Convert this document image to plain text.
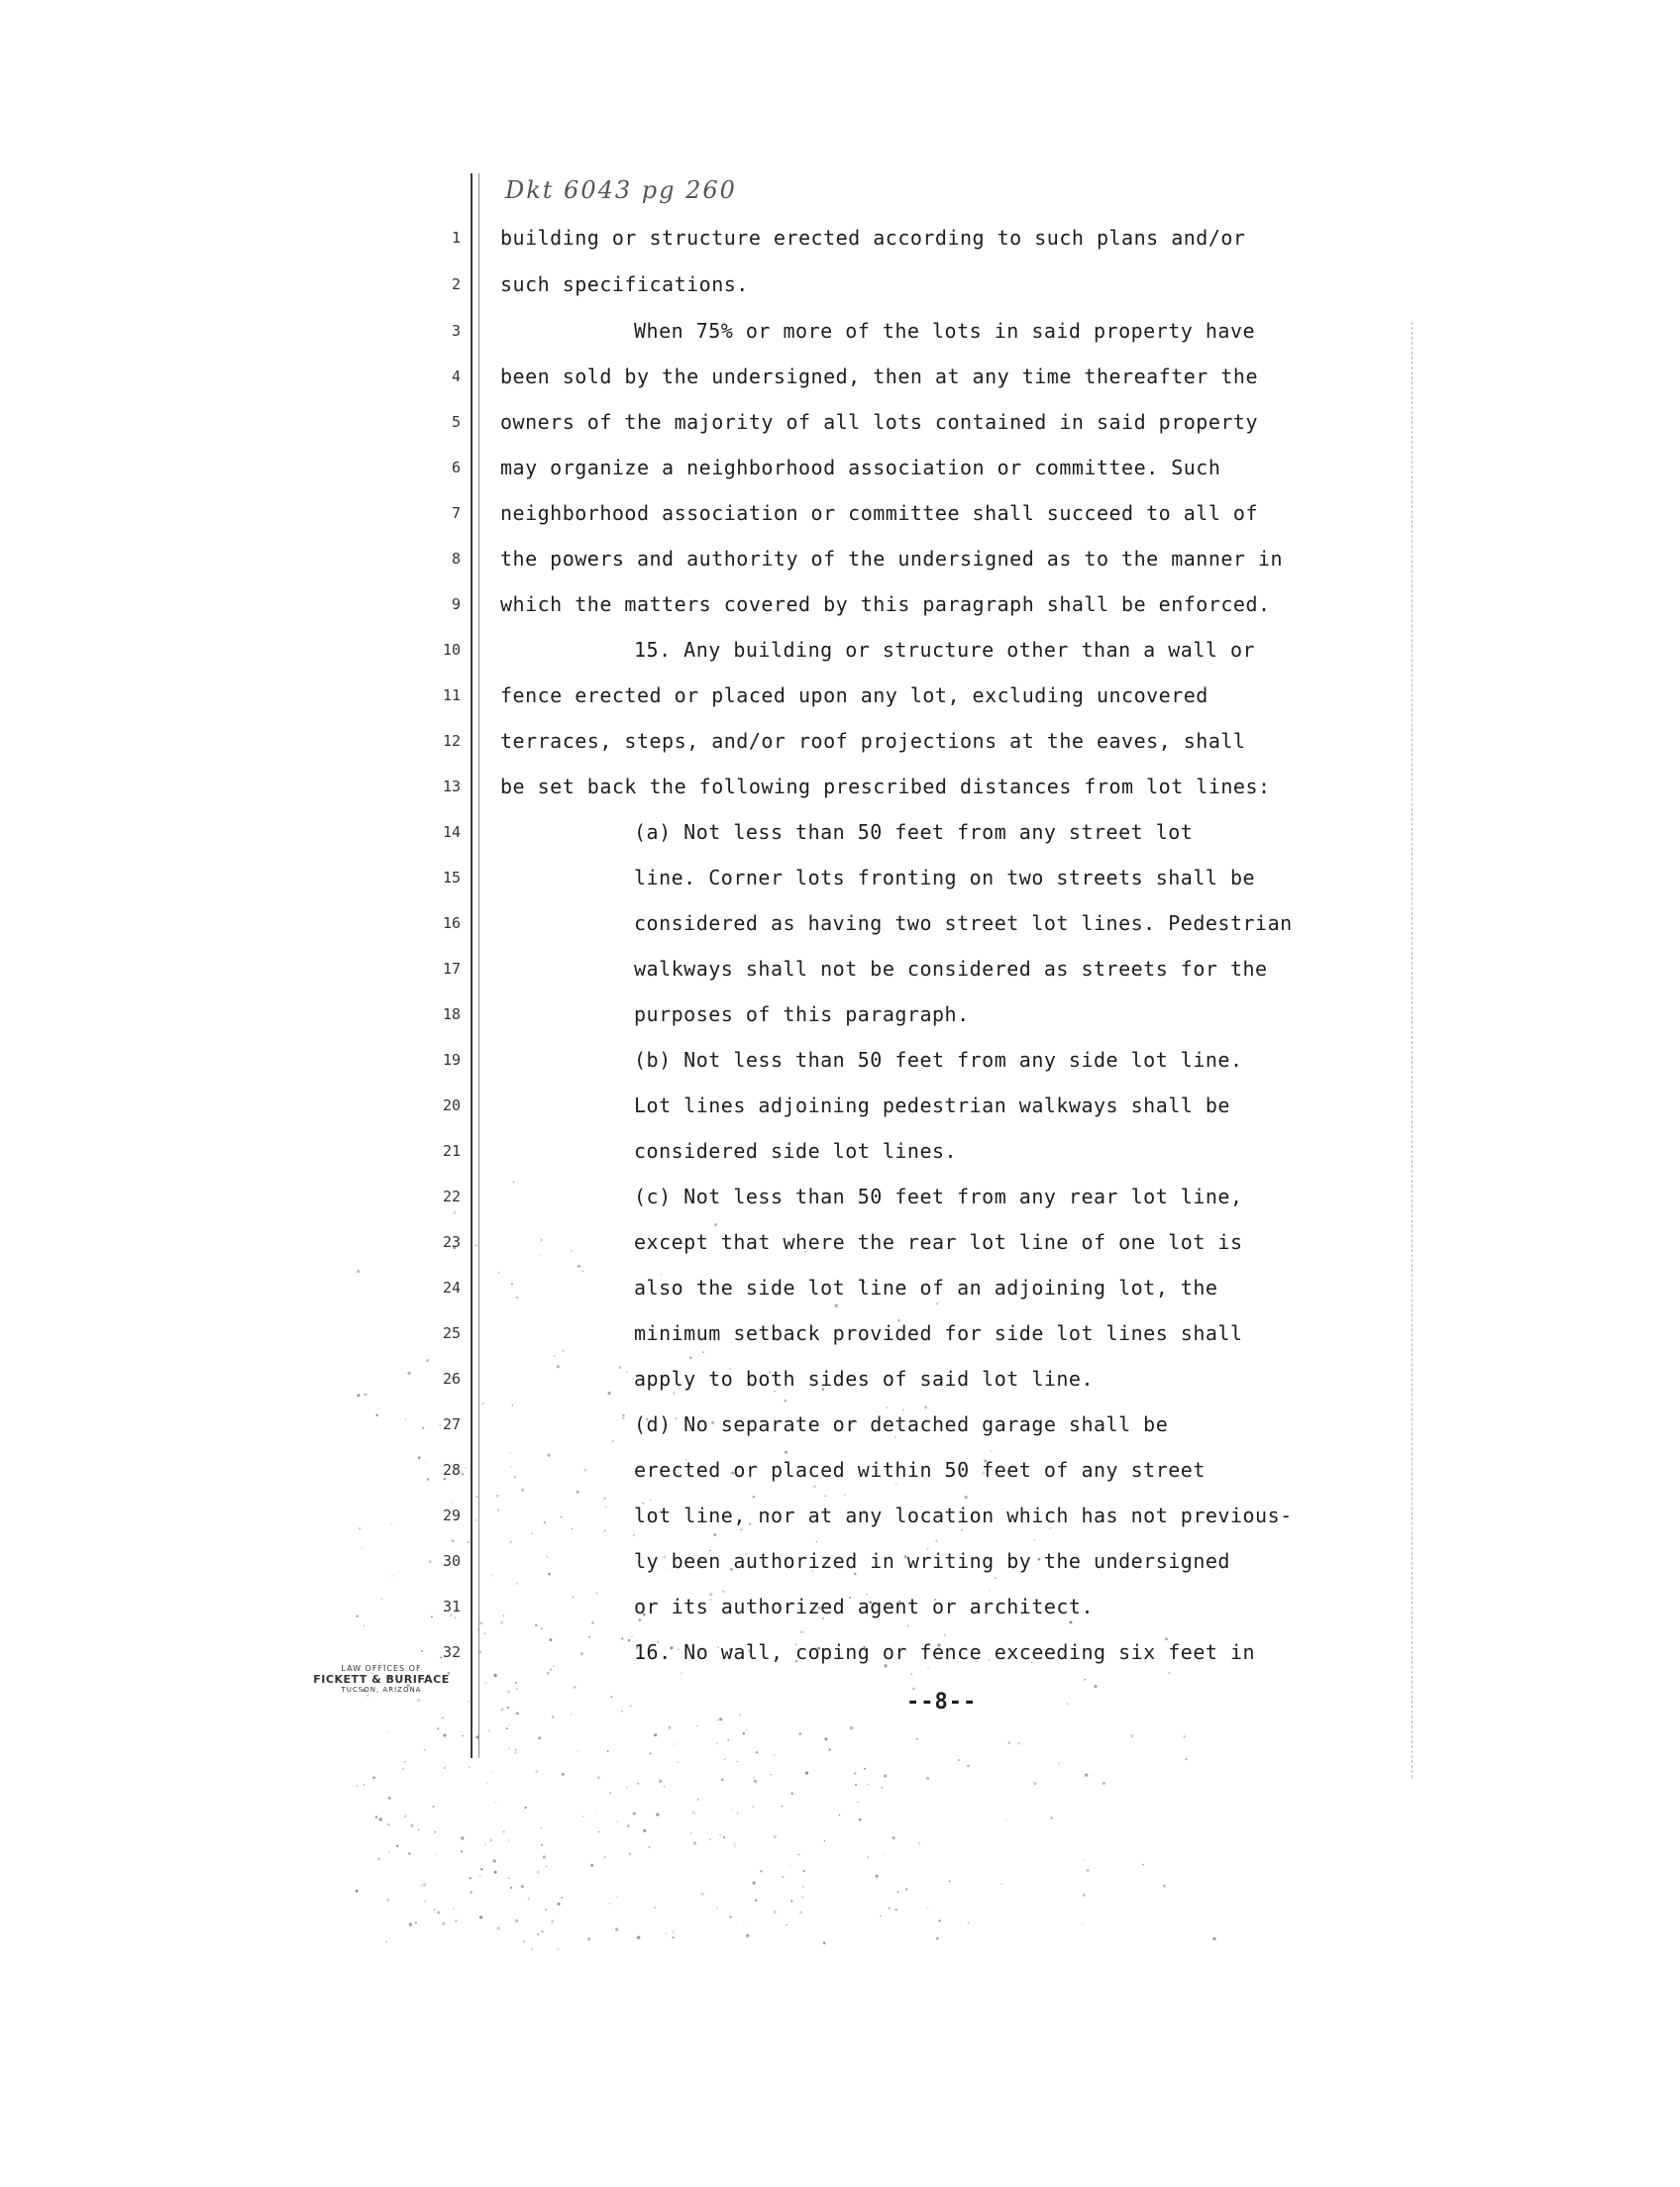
Dkt 6043 pg 260
1 building or structure erected according to such plans and/or
2 such specifications.
3	When 75% or more of the lots in said property have
4 been sold by the undersigned, then at any time thereafter the
5 owners of the majority of all lots contained in said property
6 may organize a neighborhood association or committee. Such
7 neighborhood association or committee shall succeed to all of
8 the powers and authority of the undersigned as to the manner in
9 which the matters covered by this paragraph shall be enforced.
10	15. Any building or structure other than a wall or
11 fence erected or placed upon any lot, excluding uncovered
12 terraces, steps, and/or roof projections at the eaves, shall
13 be set back the following prescribed distances from lot lines:
14	(a) Not less than 50 feet from any street lot
15	line. Corner lots fronting on two streets shall be
16	considered as having two street lot lines. Pedestrian
17	walkways shall not be considered as streets for the
18	purposes of this paragraph.
19	(b) Not less than 50 feet from any side lot line.
20	Lot lines adjoining pedestrian walkways shall be
21	considered side lot lines.
22	(c) Not less than 50 feet from any rear lot line,
23	except that where the rear lot line of one lot is
24	also the side lot line of an adjoining lot, the
25	minimum setback provided for side lot lines shall
26	apply to both sides of said lot line.
27	(d) No separate or detached garage shall be
28	erected or placed within 50 feet of any street
29	lot line, nor at any location which has not previous-
30	ly been authorized in writing by the undersigned
31	or its authorized agent or architect.
32	16. No wall, coping or fence exceeding six feet in
LAW OFFICES OF
FICKETT & BURIFACE
TUCSON, ARIZONA	--8--
